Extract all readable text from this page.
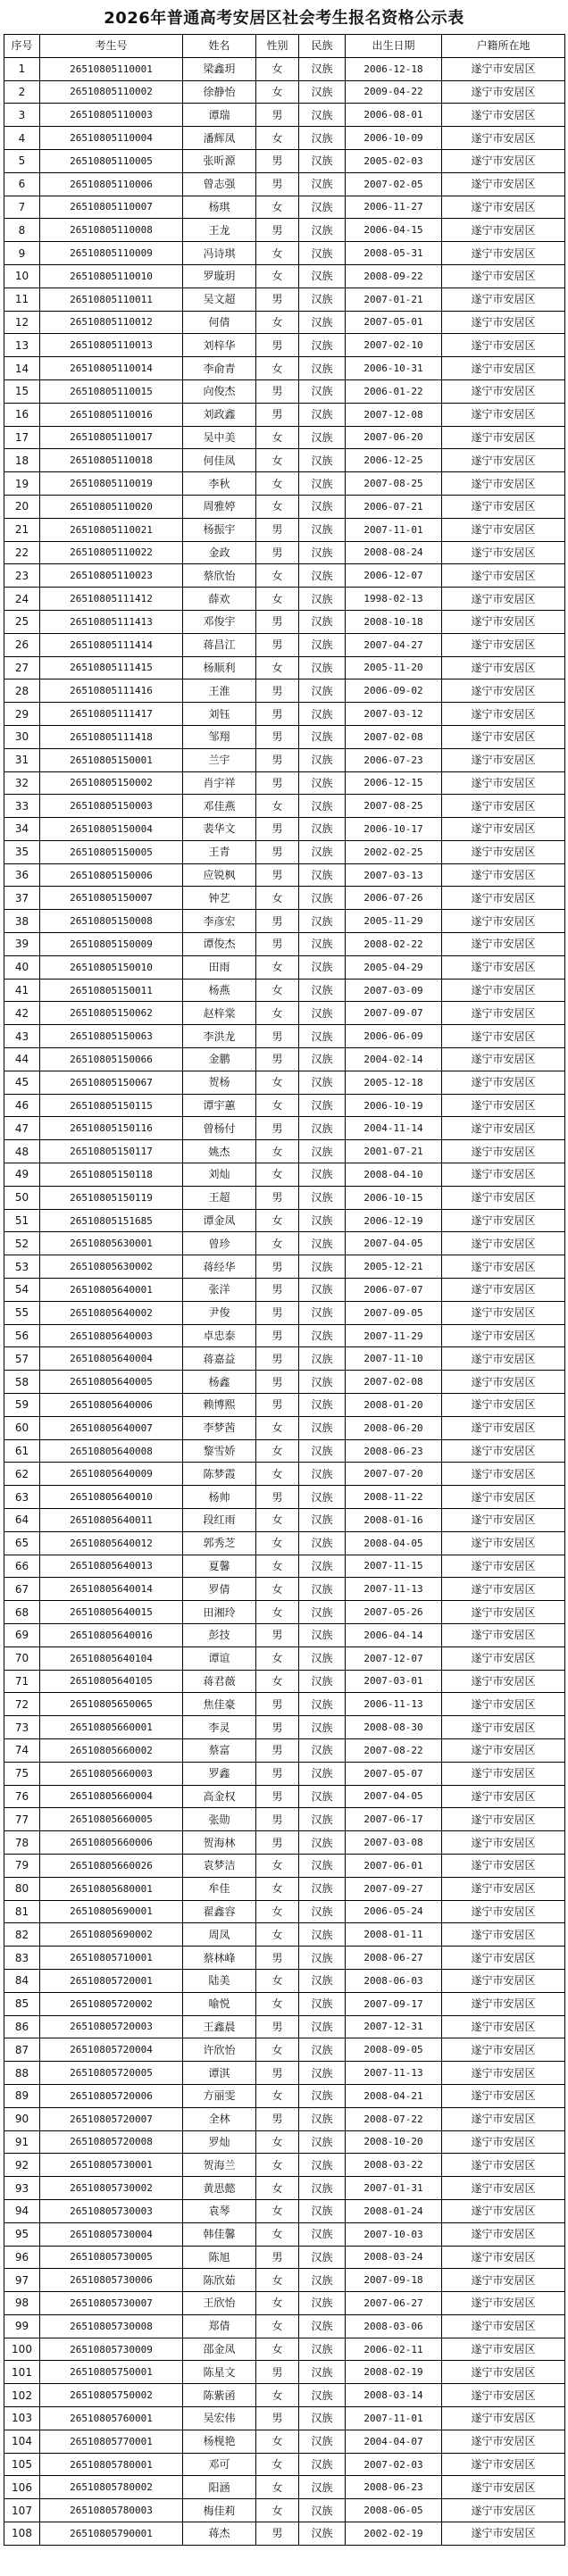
2026年普通高考安居区社会考生报名资格公示表
序号	考生号	姓名	性别	民族	出生日期	户籍所在地
1	26510805110001	梁鑫玥	女	汉族	2006-12-18	遂宁市安居区
2	26510805110002	徐静怡	女	汉族	2009-04-22	遂宁市安居区
3	26510805110003	谭瑞	男	汉族	2006-08-01	遂宁市安居区
4	26510805110004	潘辉凤	女	汉族	2006-10-09	遂宁市安居区
5	26510805110005	张昕源	男	汉族	2005-02-03	遂宁市安居区
6	26510805110006	曾志强	男	汉族	2007-02-05	遂宁市安居区
7	26510805110007	杨琪	女	汉族	2006-11-27	遂宁市安居区
8	26510805110008	王龙	男	汉族	2006-04-15	遂宁市安居区
9	26510805110009	冯诗琪	女	汉族	2008-05-31	遂宁市安居区
10	26510805110010	罗璇玥	女	汉族	2008-09-22	遂宁市安居区
11	26510805110011	吴文超	男	汉族	2007-01-21	遂宁市安居区
12	26510805110012	何倩	女	汉族	2007-05-01	遂宁市安居区
13	26510805110013	刘梓华	男	汉族	2007-02-10	遂宁市安居区
14	26510805110014	李俞青	女	汉族	2006-10-31	遂宁市安居区
15	26510805110015	向俊杰	男	汉族	2006-01-22	遂宁市安居区
16	26510805110016	刘政鑫	男	汉族	2007-12-08	遂宁市安居区
17	26510805110017	吴中美	女	汉族	2007-06-20	遂宁市安居区
18	26510805110018	何佳凤	女	汉族	2006-12-25	遂宁市安居区
19	26510805110019	李秋	女	汉族	2007-08-25	遂宁市安居区
20	26510805110020	周雅婷	女	汉族	2006-07-21	遂宁市安居区
21	26510805110021	杨振宇	男	汉族	2007-11-01	遂宁市安居区
22	26510805110022	金政	男	汉族	2008-08-24	遂宁市安居区
23	26510805110023	蔡欣怡	女	汉族	2006-12-07	遂宁市安居区
24	26510805111412	薛欢	女	汉族	1998-02-13	遂宁市安居区
25	26510805111413	邓俊宇	男	汉族	2008-10-18	遂宁市安居区
26	26510805111414	蒋昌江	男	汉族	2007-04-27	遂宁市安居区
27	26510805111415	杨顺利	女	汉族	2005-11-20	遂宁市安居区
28	26510805111416	王淮	男	汉族	2006-09-02	遂宁市安居区
29	26510805111417	刘钰	男	汉族	2007-03-12	遂宁市安居区
30	26510805111418	邹翔	男	汉族	2007-02-08	遂宁市安居区
31	26510805150001	兰宇	男	汉族	2006-07-23	遂宁市安居区
32	26510805150002	肖宇祥	男	汉族	2006-12-15	遂宁市安居区
33	26510805150003	邓佳燕	女	汉族	2007-08-25	遂宁市安居区
34	26510805150004	裴华文	男	汉族	2006-10-17	遂宁市安居区
35	26510805150005	王青	男	汉族	2002-02-25	遂宁市安居区
36	26510805150006	应锐枫	男	汉族	2007-03-13	遂宁市安居区
37	26510805150007	钟艺	女	汉族	2006-07-26	遂宁市安居区
38	26510805150008	李彦宏	男	汉族	2005-11-29	遂宁市安居区
39	26510805150009	谭俊杰	男	汉族	2008-02-22	遂宁市安居区
40	26510805150010	田雨	女	汉族	2005-04-29	遂宁市安居区
41	26510805150011	杨燕	女	汉族	2007-03-09	遂宁市安居区
42	26510805150062	赵梓棠	女	汉族	2007-09-07	遂宁市安居区
43	26510805150063	李洪龙	男	汉族	2006-06-09	遂宁市安居区
44	26510805150066	金鹏	男	汉族	2004-02-14	遂宁市安居区
45	26510805150067	贺杨	女	汉族	2005-12-18	遂宁市安居区
46	26510805150115	谭宇蕙	女	汉族	2006-10-19	遂宁市安居区
47	26510805150116	曾杨付	男	汉族	2004-11-14	遂宁市安居区
48	26510805150117	姚杰	女	汉族	2001-07-21	遂宁市安居区
49	26510805150118	刘灿	女	汉族	2008-04-10	遂宁市安居区
50	26510805150119	王超	男	汉族	2006-10-15	遂宁市安居区
51	26510805151685	谭金凤	女	汉族	2006-12-19	遂宁市安居区
52	26510805630001	曾珍	女	汉族	2007-04-05	遂宁市安居区
53	26510805630002	蒋经华	男	汉族	2005-12-21	遂宁市安居区
54	26510805640001	张洋	男	汉族	2006-07-07	遂宁市安居区
55	26510805640002	尹俊	男	汉族	2007-09-05	遂宁市安居区
56	26510805640003	卓忠泰	男	汉族	2007-11-29	遂宁市安居区
57	26510805640004	蒋嘉益	男	汉族	2007-11-10	遂宁市安居区
58	26510805640005	杨鑫	男	汉族	2007-02-08	遂宁市安居区
59	26510805640006	赖博熙	男	汉族	2008-01-20	遂宁市安居区
60	26510805640007	李梦茜	女	汉族	2008-06-20	遂宁市安居区
61	26510805640008	黎雪娇	女	汉族	2008-06-23	遂宁市安居区
62	26510805640009	陈梦霞	女	汉族	2007-07-20	遂宁市安居区
63	26510805640010	杨帅	男	汉族	2008-11-22	遂宁市安居区
64	26510805640011	段红雨	女	汉族	2008-01-16	遂宁市安居区
65	26510805640012	郭秀芝	女	汉族	2008-04-05	遂宁市安居区
66	26510805640013	夏馨	女	汉族	2007-11-15	遂宁市安居区
67	26510805640014	罗倩	女	汉族	2007-11-13	遂宁市安居区
68	26510805640015	田湘玲	女	汉族	2007-05-26	遂宁市安居区
69	26510805640016	彭技	男	汉族	2006-04-14	遂宁市安居区
70	26510805640104	谭谊	女	汉族	2007-12-07	遂宁市安居区
71	26510805640105	蒋君薇	女	汉族	2007-03-01	遂宁市安居区
72	26510805650065	焦佳豪	男	汉族	2006-11-13	遂宁市安居区
73	26510805660001	李灵	男	汉族	2008-08-30	遂宁市安居区
74	26510805660002	蔡富	男	汉族	2007-08-22	遂宁市安居区
75	26510805660003	罗鑫	男	汉族	2007-05-07	遂宁市安居区
76	26510805660004	高金权	男	汉族	2007-04-05	遂宁市安居区
77	26510805660005	张勋	男	汉族	2007-06-17	遂宁市安居区
78	26510805660006	贺海林	男	汉族	2007-03-08	遂宁市安居区
79	26510805660026	袁梦洁	女	汉族	2007-06-01	遂宁市安居区
80	26510805680001	牟佳	女	汉族	2007-09-27	遂宁市安居区
81	26510805690001	翟鑫容	女	汉族	2006-05-24	遂宁市安居区
82	26510805690002	周凤	女	汉族	2008-01-11	遂宁市安居区
83	26510805710001	蔡林峰	男	汉族	2008-06-27	遂宁市安居区
84	26510805720001	陆美	女	汉族	2008-06-03	遂宁市安居区
85	26510805720002	喻悦	女	汉族	2007-09-17	遂宁市安居区
86	26510805720003	王鑫晨	男	汉族	2007-12-31	遂宁市安居区
87	26510805720004	许欣怡	女	汉族	2008-09-05	遂宁市安居区
88	26510805720005	谭淇	男	汉族	2007-11-13	遂宁市安居区
89	26510805720006	方丽雯	女	汉族	2008-04-21	遂宁市安居区
90	26510805720007	全林	男	汉族	2008-07-22	遂宁市安居区
91	26510805720008	罗灿	女	汉族	2008-10-20	遂宁市安居区
92	26510805730001	贺海兰	女	汉族	2008-03-22	遂宁市安居区
93	26510805730002	黄思懿	女	汉族	2007-01-31	遂宁市安居区
94	26510805730003	袁琴	女	汉族	2008-01-24	遂宁市安居区
95	26510805730004	韩佳馨	女	汉族	2007-10-03	遂宁市安居区
96	26510805730005	陈旭	男	汉族	2008-03-24	遂宁市安居区
97	26510805730006	陈欣茹	女	汉族	2007-09-18	遂宁市安居区
98	26510805730007	王欣怡	女	汉族	2007-06-27	遂宁市安居区
99	26510805730008	郑倩	女	汉族	2008-03-06	遂宁市安居区
100	26510805730009	邵金凤	女	汉族	2006-02-11	遂宁市安居区
101	26510805750001	陈星文	男	汉族	2008-02-19	遂宁市安居区
102	26510805750002	陈紫函	女	汉族	2008-03-14	遂宁市安居区
103	26510805760001	吴宏伟	男	汉族	2007-11-01	遂宁市安居区
104	26510805770001	杨枧艳	女	汉族	2004-04-07	遂宁市安居区
105	26510805780001	邓可	女	汉族	2007-02-03	遂宁市安居区
106	26510805780002	阳涵	女	汉族	2008-06-23	遂宁市安居区
107	26510805780003	梅佳莉	女	汉族	2008-06-05	遂宁市安居区
108	26510805790001	蒋杰	男	汉族	2002-02-19	遂宁市安居区
